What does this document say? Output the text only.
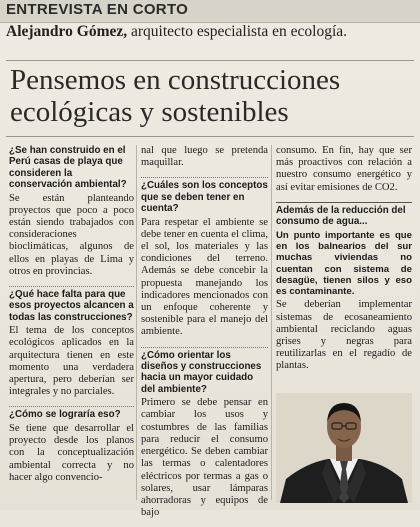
ENTREVISTA EN CORTO
Alejandro Gómez, arquitecto especialista en ecología.
Pensemos en construcciones ecológicas y sostenibles

¿Se han construido en el Perú casas de playa que consideren la conservación ambiental?

Se están planteando proyectos que poco a poco están siendo trabajados con consideraciones bioclimáticas, algunos de ellos en playas de Lima y otros en provincias.

¿Qué hace falta para que esos proyectos alcancen a todas las construcciones?

El tema de los conceptos ecológicos aplicados en la arquitectura tienen en este momento una verdadera apertura, pero deberían ser integrales y no parciales.

¿Cómo se lograría eso?

Se tiene que desarrollar el proyecto desde los planos con la conceptualización ambiental correcta y no hacer algo convencio-

nal que luego se pretenda maquillar.

¿Cuáles son los conceptos que se deben tener en cuenta?

Para respetar el ambiente se debe tener en cuenta el clima, el sol, los materiales y las condiciones del terreno. Además se debe concebir la propuesta manejando los indicadores mencionados con un enfoque coherente y sostenible para el manejo del ambiente.

¿Cómo orientar los diseños y construcciones hacia un mayor cuidado del ambiente?

Primero se debe pensar en cambiar los usos y costumbres de las familias para reducir el consumo energético. Se deben cambiar las termas o calentadores eléctricos por termas a gas o solares, usar lámparas ahorradoras y equipos de bajo

consumo. En fin, hay que ser más proactivos con relación a nuestro consumo energético y así evitar emisiones de CO2.

Además de la reducción del consumo de agua...

Un punto importante es que en los balnearios del sur muchas viviendas no cuentan con sistema de desagüe, tienen silos y eso es contaminante.

Se deberían implementar sistemas de ecosaneamiento ambiental reciclando aguas grises y negras para reutilizarlas en el regadío de plantas.
